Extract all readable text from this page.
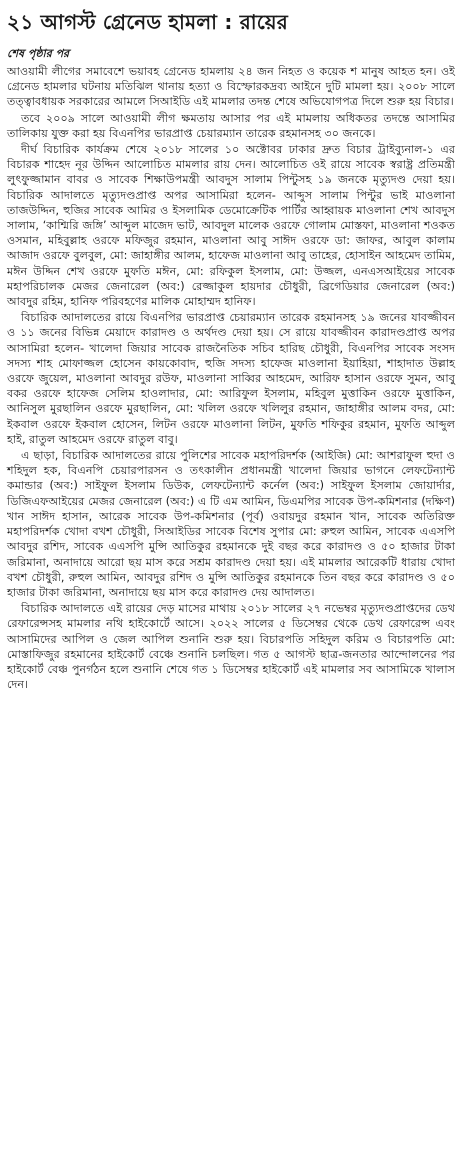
২১ আগস্ট গ্রেনেড হামলা : রায়ের
শেষ পৃষ্ঠার পর

আওয়ামী লীগের সমাবেশে ভয়াবহ গ্রেনেড হামলায় ২৪ জন নিহত ও কয়েক শ মানুষ আহত হন। ওই গ্রেনেড হামলার ঘটনায় মতিঝিল থানায় হত্যা ও বিস্ফোরকদ্রব্য আইনে দুটি মামলা হয়। ২০০৮ সালে তত্ত্বাবধায়ক সরকারের আমলে সিআইডি এই মামলার তদন্ত শেষে অভিযোগপত্র দিলে শুরু হয় বিচার।

তবে ২০০৯ সালে আওয়ামী লীগ ক্ষমতায় আসার পর এই মামলায় অধিকতর তদন্তে আসামির তালিকায় যুক্ত করা হয় বিএনপির ভারপ্রাপ্ত চেয়ারম্যান তারেক রহমানসহ ৩০ জনকে।

দীর্ঘ বিচারিক কার্যক্রম শেষে ২০১৮ সালের ১০ অক্টোবর ঢাকার দ্রুত বিচার ট্রাইব্যুনাল-১ এর বিচারক শাহেদ নূর উদ্দিন আলোচিত মামলার রায় দেন। আলোচিত ওই রায়ে সাবেক স্বরাষ্ট্র প্রতিমন্ত্রী লুৎফুজ্জামান বাবর ও সাবেক শিক্ষাউপমন্ত্রী আবদুস সালাম পিন্টুসহ ১৯ জনকে মৃত্যুদণ্ড দেয়া হয়। বিচারিক আদালতে মৃত্যুদণ্ডপ্রাপ্ত অপর আসামিরা হলেন- আব্দুস সালাম পিন্টুর ভাই মাওলানা তাজউদ্দিন, হুজির সাবেক আমির ও ইসলামিক ডেমোক্রেটিক পার্টির আহ্বায়ক মাওলানা শেখ আবদুস সালাম, ‘কাশ্মিরি জঙ্গি’ আব্দুল মাজেদ ভাট, আবদুল মালেক ওরফে গোলাম মোস্তফা, মাওলানা শওকত ওসমান, মহিবুল্লাহ ওরফে মফিজুর রহমান, মাওলানা আবু সাঈদ ওরফে ডা: জাফর, আবুল কালাম আজাদ ওরফে বুলবুল, মো: জাহাঙ্গীর আলম, হাফেজ মাওলানা আবু তাহের, হোসাইন আহমেদ তামিম, মঈন উদ্দিন শেখ ওরফে মুফতি মঈন, মো: রফিকুল ইসলাম, মো: উজ্জল, এনএসআইয়ের সাবেক মহাপরিচালক মেজর জেনারেল (অব:) রেজ্জাকুল হায়দার চৌধুরী, ব্রিগেডিয়ার জেনারেল (অব:) আবদুর রহিম, হানিফ পরিবহণের মালিক মোহাম্মদ হানিফ।

বিচারিক আদালতের রায়ে বিএনপির ভারপ্রাপ্ত চেয়ারম্যান তারেক রহমানসহ ১৯ জনের যাবজ্জীবন ও ১১ জনের বিভিন্ন মেয়াদে কারাদণ্ড ও অর্থদণ্ড দেয়া হয়। সে রায়ে যাবজ্জীবন কারাদণ্ডপ্রাপ্ত অপর আসামিরা হলেন- খালেদা জিয়ার সাবেক রাজনৈতিক সচিব হারিছ চৌধুরী, বিএনপির সাবেক সংসদ সদস্য শাহ মোফাজ্জল হোসেন কায়কোবাদ, হুজি সদস্য হাফেজ মাওলানা ইয়াহিয়া, শাহাদাত উল্লাহ ওরফে জুয়েল, মাওলানা আবদুর রউফ, মাওলানা সাব্বির আহমেদ, আরিফ হাসান ওরফে সুমন, আবু বকর ওরফে হাফেজ সেলিম হাওলাদার, মো: আরিফুল ইসলাম, মহিবুল মুত্তাকিন ওরফে মুত্তাকিন, আনিসুল মুরছালিন ওরফে মুরছালিন, মো: খলিল ওরফে খলিলুর রহমান, জাহাঙ্গীর আলম বদর, মো: ইকবাল ওরফে ইকবাল হোসেন, লিটন ওরফে মাওলানা লিটন, মুফতি শফিকুর রহমান, মুফতি আব্দুল হাই, রাতুল আহমেদ ওরফে রাতুল বাবু।

এ ছাড়া, বিচারিক আদালতের রায়ে পুলিশের সাবেক মহাপরিদর্শক (আইজি) মো: আশরাফুল হুদা ও শহিদুল হক, বিএনপি চেয়ারপারসন ও তৎকালীন প্রধানমন্ত্রী খালেদা জিয়ার ভাগনে লেফটেন্যান্ট কমান্ডার (অব:) সাইফুল ইসলাম ডিউক, লেফটেন্যান্ট কর্নেল (অব:) সাইফুল ইসলাম জোয়ার্দার, ডিজিএফআইয়ের মেজর জেনারেল (অব:) এ টি এম আমিন, ডিএমপির সাবেক উপ-কমিশনার (দক্ষিণ) খান সাঈদ হাসান, আরেক সাবেক উপ-কমিশনার (পূর্ব) ওবায়দুর রহমান খান, সাবেক অতিরিক্ত মহাপরিদর্শক খোদা বখশ চৌধুরী, সিআইডির সাবেক বিশেষ সুপার মো: রুহুল আমিন, সাবেক এএসপি আবদুর রশিদ, সাবেক এএসপি মুন্সি আতিকুর রহমানকে দুই বছর করে কারাদণ্ড ও ৫০ হাজার টাকা জরিমানা, অনাদায়ে আরো ছয় মাস করে সশ্রম কারাদণ্ড দেয়া হয়। এই মামলার আরেকটি ধারায় খোদা বখশ চৌধুরী, রুহুল আমিন, আবদুর রশিদ ও মুন্সি আতিকুর রহমানকে তিন বছর করে কারাদণ্ড ও ৫০ হাজার টাকা জরিমানা, অনাদায়ে ছয় মাস করে কারাদণ্ড দেয় আদালত।

বিচারিক আদালতে এই রায়ের দেড় মাসের মাথায় ২০১৮ সালের ২৭ নভেম্বর মৃত্যুদণ্ডপ্রাপ্তদের ডেথ রেফারেন্সসহ মামলার নথি হাইকোর্টে আসে। ২০২২ সালের ৫ ডিসেম্বর থেকে ডেথ রেফারেন্স এবং আসামিদের আপিল ও জেল আপিল শুনানি শুরু হয়। বিচারপতি সহিদুল করিম ও বিচারপতি মো: মোস্তাফিজুর রহমানের হাইকোর্ট বেঞ্চে শুনানি চলছিল। গত ৫ আগস্ট ছাত্র-জনতার আন্দোলনের পর হাইকোর্ট বেঞ্চ পুনর্গঠন হলে শুনানি শেষে গত ১ ডিসেম্বর হাইকোর্ট এই মামলার সব আসামিকে খালাস দেন।
